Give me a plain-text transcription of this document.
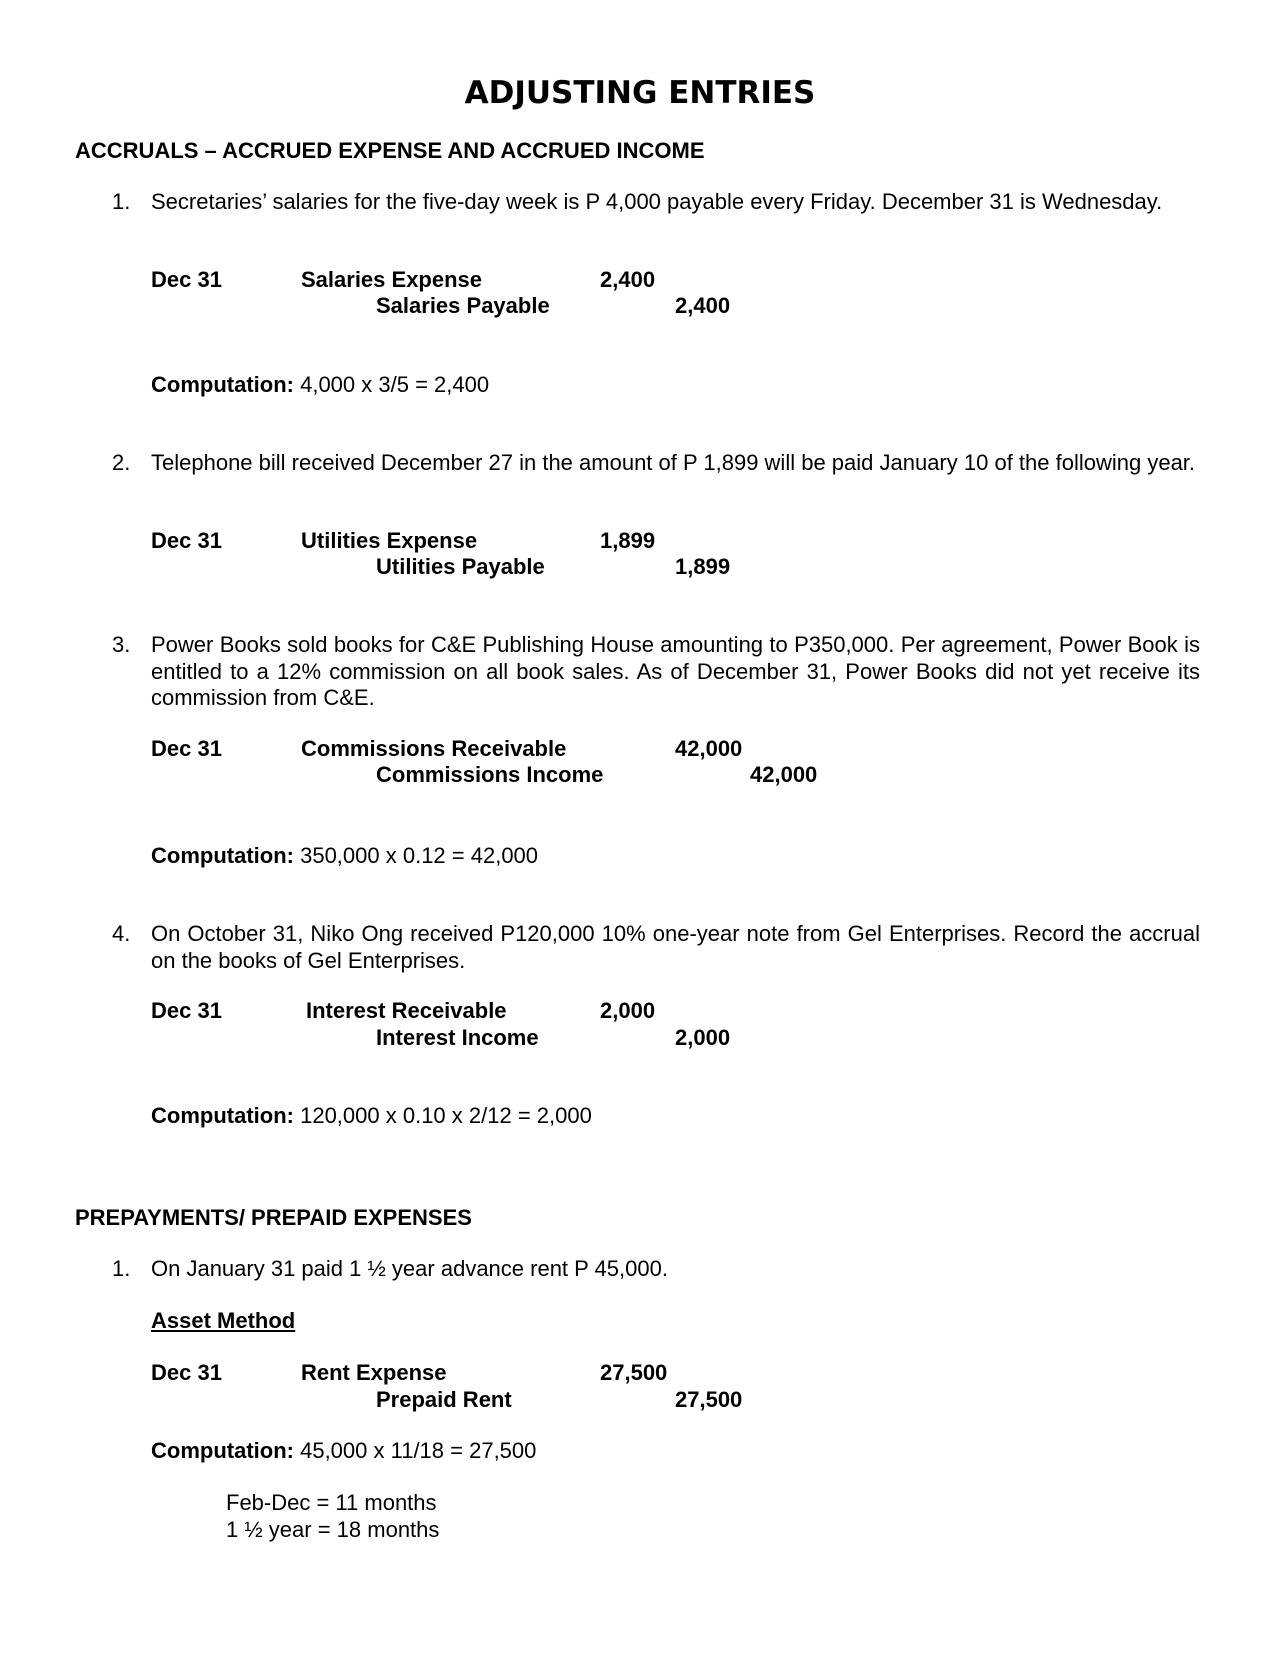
ADJUSTING ENTRIES
ACCRUALS – ACCRUED EXPENSE AND ACCRUED INCOME
1. Secretaries’ salaries for the five-day week is P 4,000 payable every Friday. December 31 is Wednesday.
Dec 31	Salaries Expense	2,400
Salaries Payable	2,400
Computation: 4,000 x 3/5 = 2,400
2. Telephone bill received December 27 in the amount of P 1,899 will be paid January 10 of the following year.
Dec 31	Utilities Expense	1,899
Utilities Payable	1,899
3. Power Books sold books for C&E Publishing House amounting to P350,000. Per agreement, Power Book is entitled to a 12% commission on all book sales. As of December 31, Power Books did not yet receive its commission from C&E.
Dec 31	Commissions Receivable	42,000
Commissions Income	42,000
Computation: 350,000 x 0.12 = 42,000
4. On October 31, Niko Ong received P120,000 10% one-year note from Gel Enterprises. Record the accrual on the books of Gel Enterprises.
Dec 31	Interest Receivable	2,000
Interest Income	2,000
Computation: 120,000 x 0.10 x 2/12 = 2,000
PREPAYMENTS/ PREPAID EXPENSES
1. On January 31 paid 1 ½ year advance rent P 45,000.
Asset Method
Dec 31	Rent Expense	27,500
Prepaid Rent	27,500
Computation: 45,000 x 11/18 = 27,500
Feb-Dec = 11 months
1 ½ year = 18 months
